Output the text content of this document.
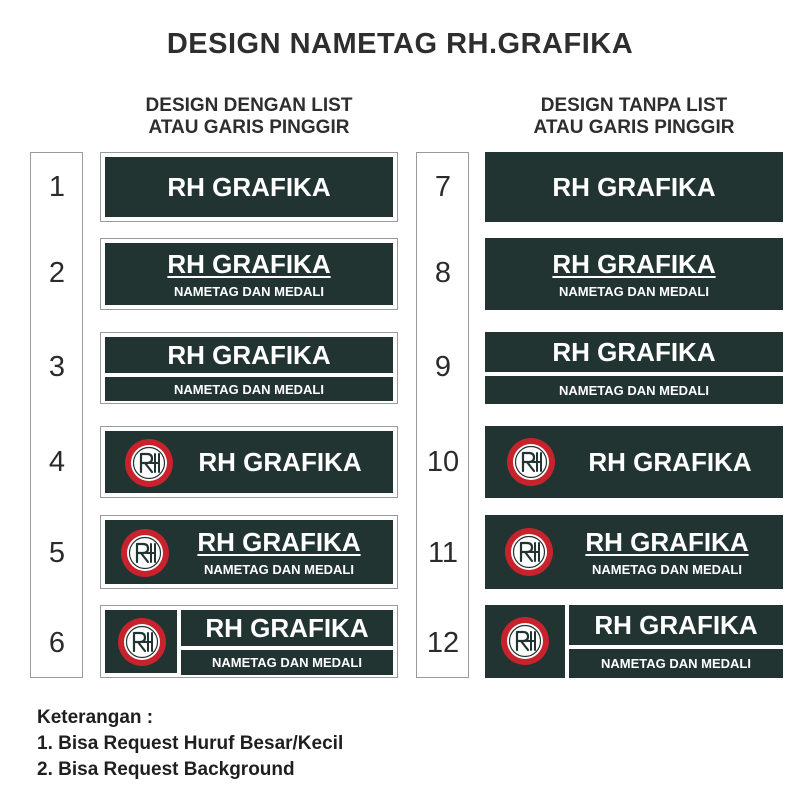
DESIGN NAMETAG RH.GRAFIKA
DESIGN DENGAN LIST
ATAU GARIS PINGGIR
DESIGN TANPA LIST
ATAU GARIS PINGGIR
1
2
3
4
5
6
7
8
9
10
11
12
RH GRAFIKA
RH GRAFIKA
NAMETAG DAN MEDALI
RH GRAFIKA
NAMETAG DAN MEDALI
RH GRAFIKA
RH GRAFIKA
NAMETAG DAN MEDALI
RH GRAFIKA
NAMETAG DAN MEDALI
RH GRAFIKA
RH GRAFIKA
NAMETAG DAN MEDALI
RH GRAFIKA
NAMETAG DAN MEDALI
RH GRAFIKA
RH GRAFIKA
NAMETAG DAN MEDALI
RH GRAFIKA
NAMETAG DAN MEDALI
Keterangan :
1. Bisa Request Huruf Besar/Kecil
2. Bisa Request Background
